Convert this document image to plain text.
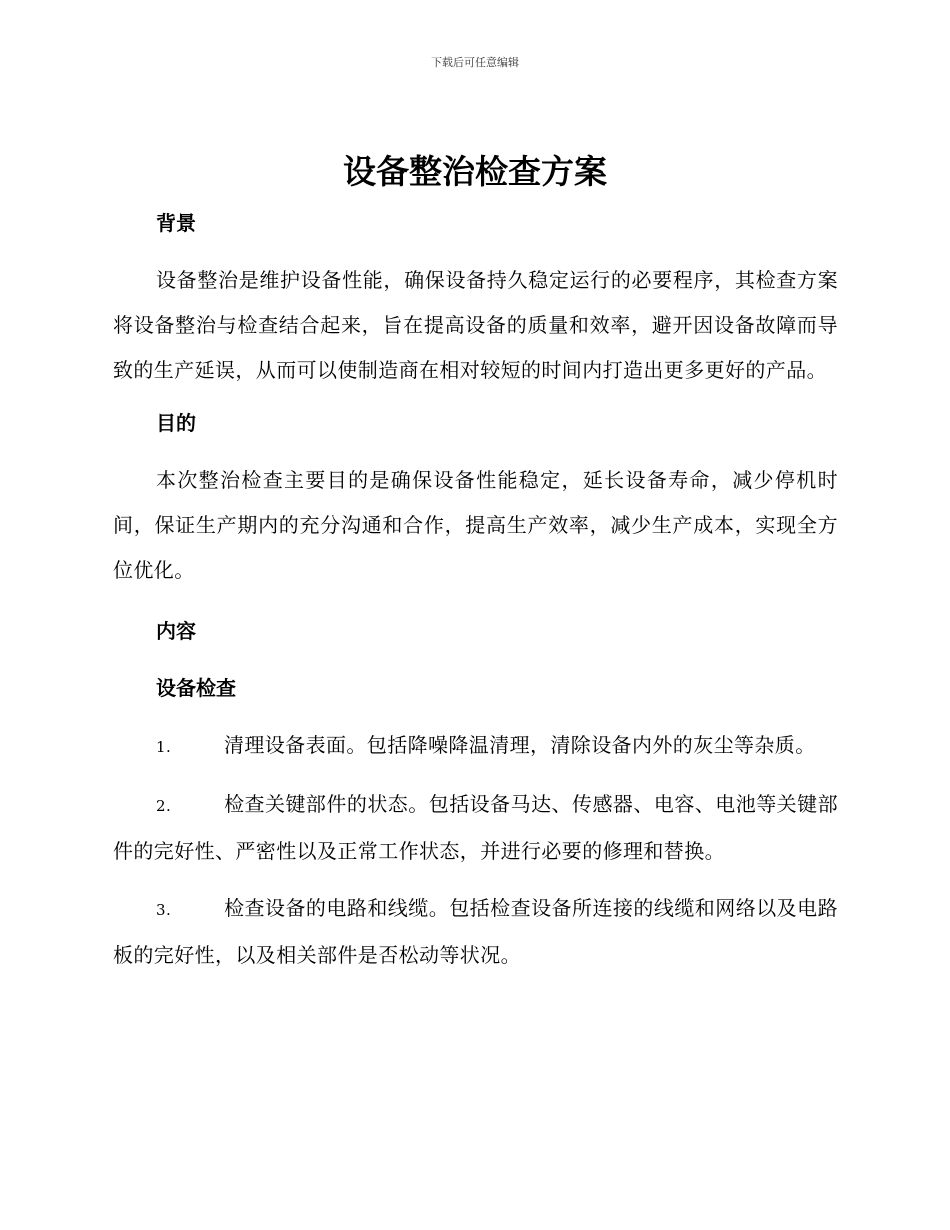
下载后可任意编辑
设备整治检查方案

背景

设备整治是维护设备性能，确保设备持久稳定运行的必要程序，其检查方案将设备整治与检查结合起来，旨在提高设备的质量和效率，避开因设备故障而导致的生产延误，从而可以使制造商在相对较短的时间内打造出更多更好的产品。

目的

本次整治检查主要目的是确保设备性能稳定，延长设备寿命，减少停机时间，保证生产期内的充分沟通和合作，提高生产效率，减少生产成本，实现全方位优化。

内容

设备检查

1.	清理设备表面。包括降噪降温清理，清除设备内外的灰尘等杂质。

2.	检查关键部件的状态。包括设备马达、传感器、电容、电池等关键部件的完好性、严密性以及正常工作状态，并进行必要的修理和替换。

3.	检查设备的电路和线缆。包括检查设备所连接的线缆和网络以及电路板的完好性，以及相关部件是否松动等状况。
